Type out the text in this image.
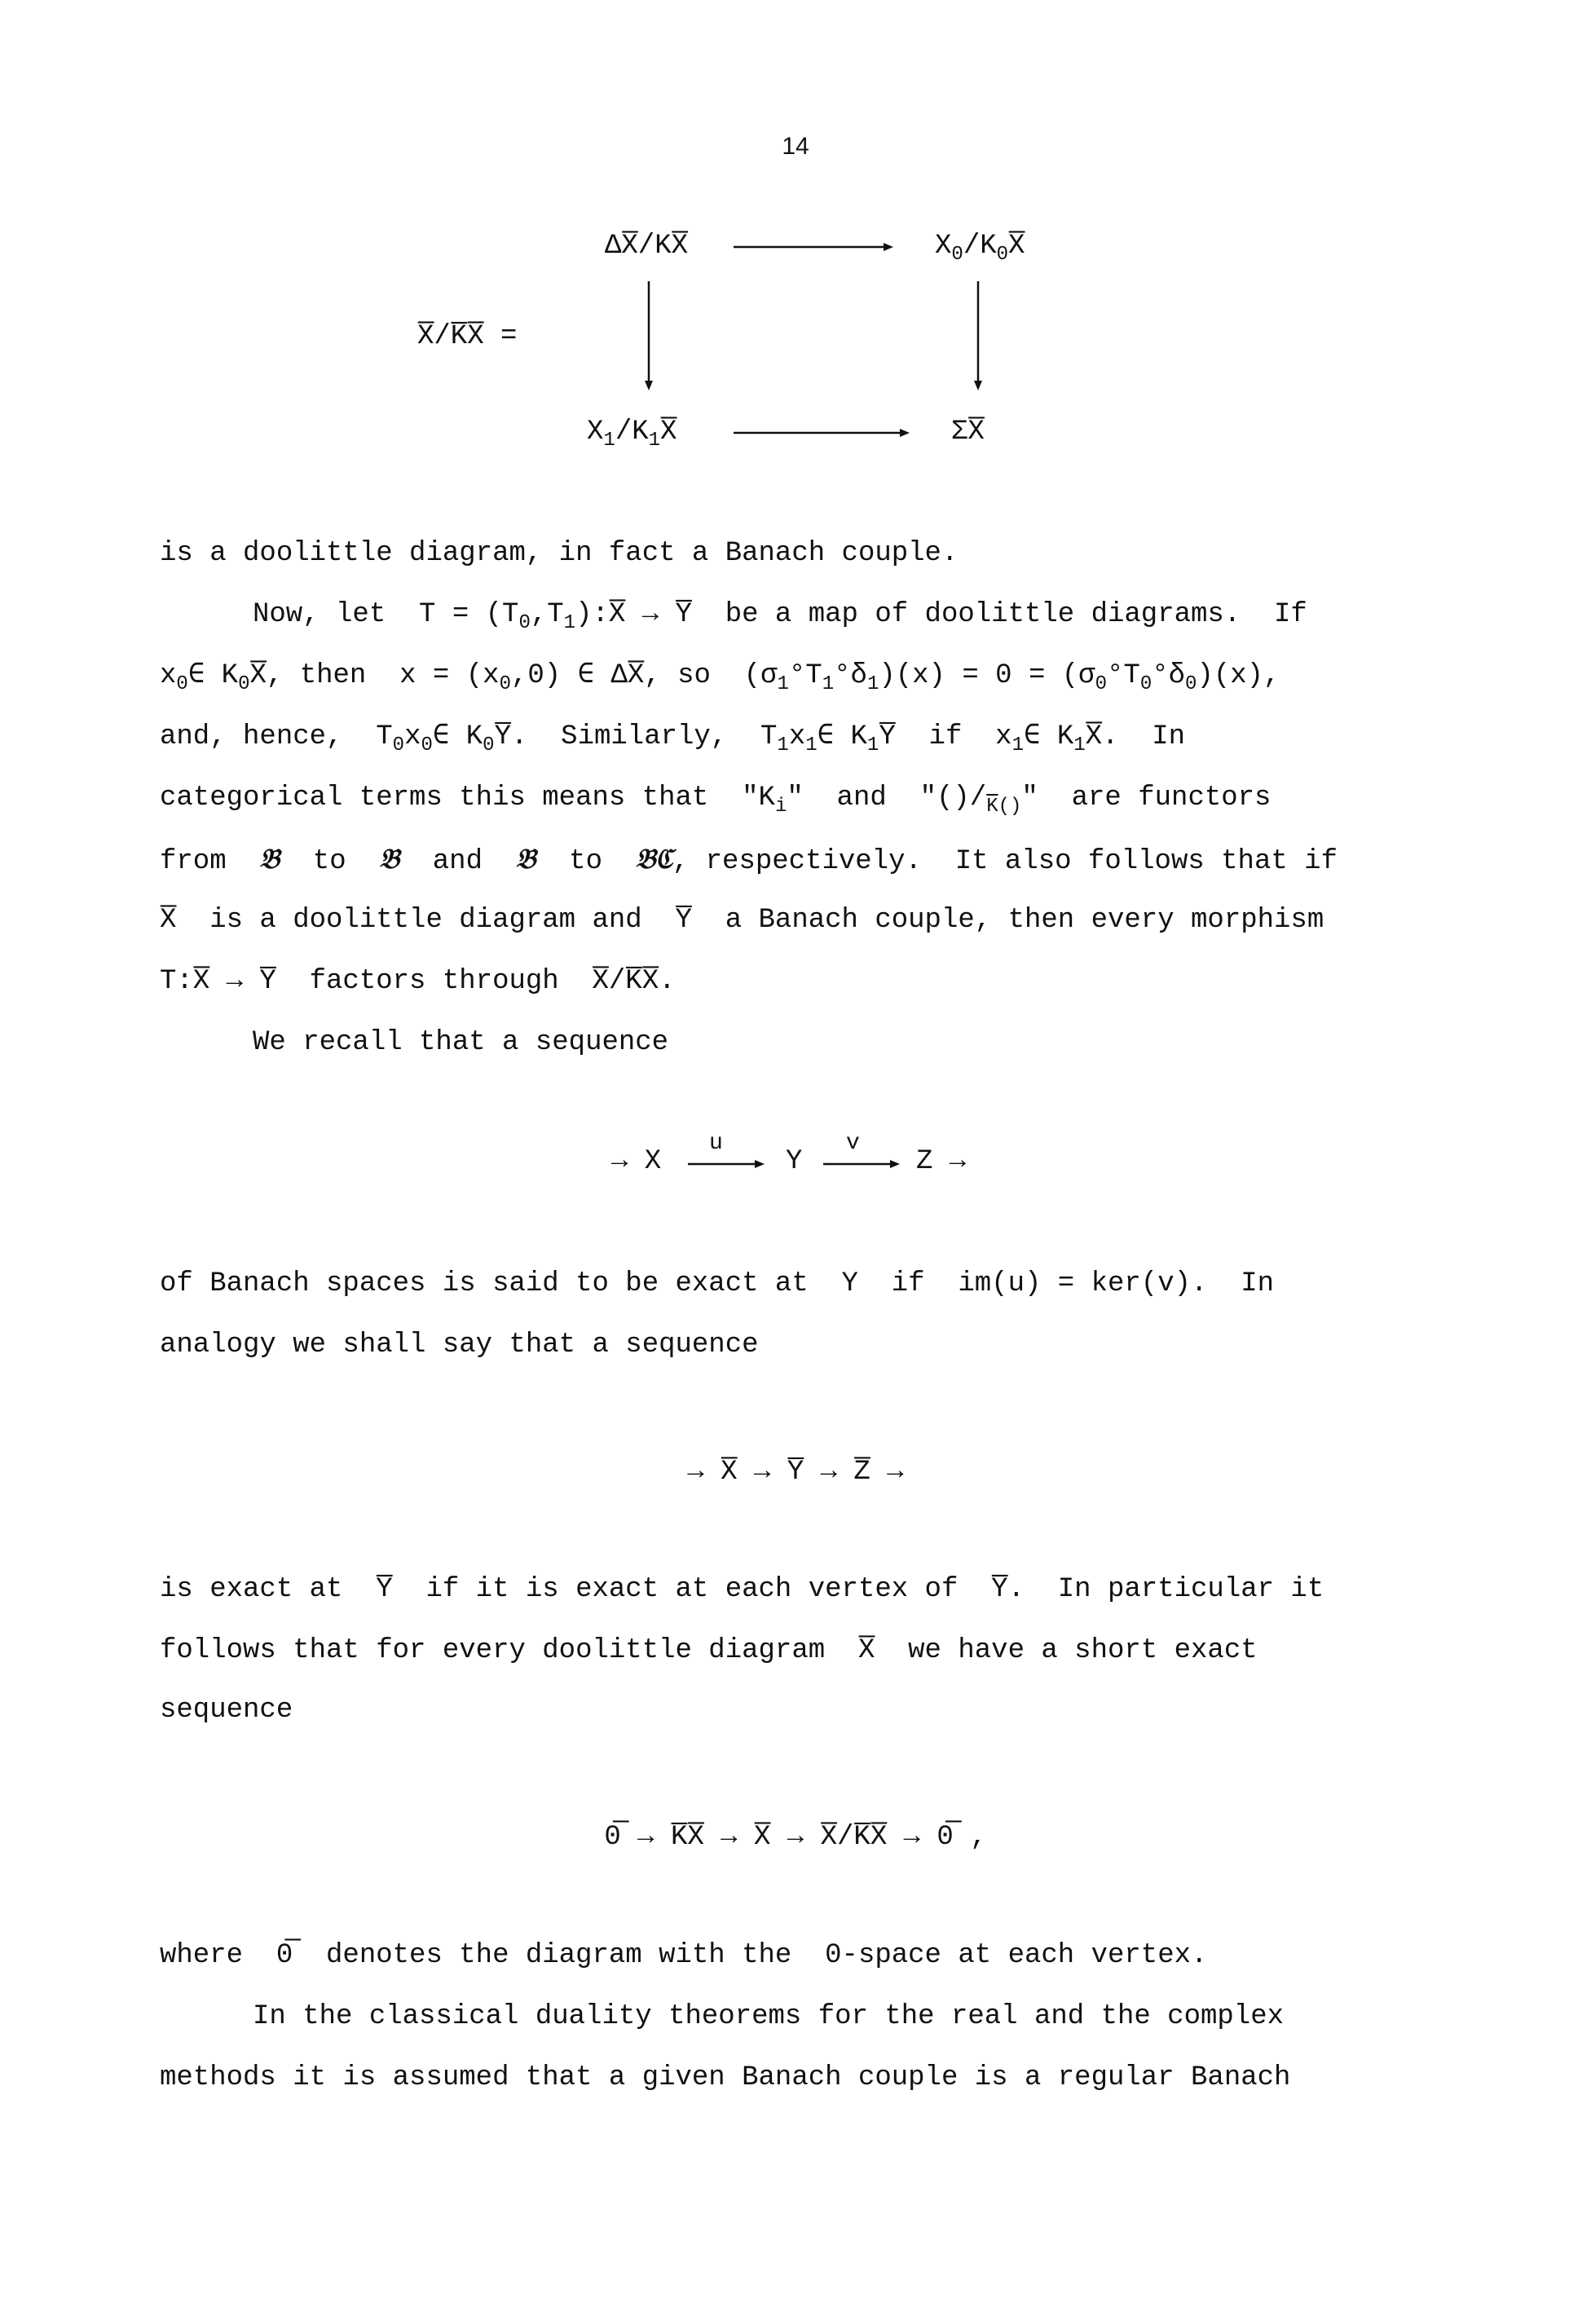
14
X̅/K̅X̅ =
ΔX̅/KX̅	$X_0/K_0X̅$
$X_1/K_1X̅$	ΣX̅
is a doolittle diagram, in fact a Banach couple.
Now, let  $T = (T_0,T_1):X̅$ → Y̅  be a map of doolittle diagrams.  If
$x_0\in$ $K_0X̅$, then  $x = (x_0,0)$ ∈ ΔX̅, so  $(\sigma_1^\circ T_1^\circ\delta_1)(x) = 0 = (\sigma_0^\circ T_0^\circ\delta_0)(x)$,
and, hence,  $T_0x_0\in$ $K_0Y̅$.  Similarly,  $T_1x_1\in$ $K_1Y̅$  if  $x_1\in$ $K_1X̅$.  In
categorical terms this means that  "$K_i$"  and  "$()/_{\overline{K}()}$"  are functors
from  𝔅  to  𝔅  and  𝔅  to  𝔅ℭ, respectively.  It also follows that if
X̅  is a doolittle diagram and  Y̅  a Banach couple, then every morphism
T:X̅ → Y̅  factors through  X̅/K̅X̅.
We recall that a sequence
→ X
u
Y
v
Z →
of Banach spaces is said to be exact at  Y  if  im(u) = ker(v).  In
analogy we shall say that a sequence
→ X̅ → Y̅ → Z̅ →
is exact at  Y̅  if it is exact at each vertex of  Y̅.  In particular it
follows that for every doolittle diagram  X̅  we have a short exact
sequence
0̅ → K̅X̅ → X̅ → X̅/K̅X̅ → 0̅ ,
where  0̅  denotes the diagram with the  0-space at each vertex.
In the classical duality theorems for the real and the complex
methods it is assumed that a given Banach couple is a regular Banach
